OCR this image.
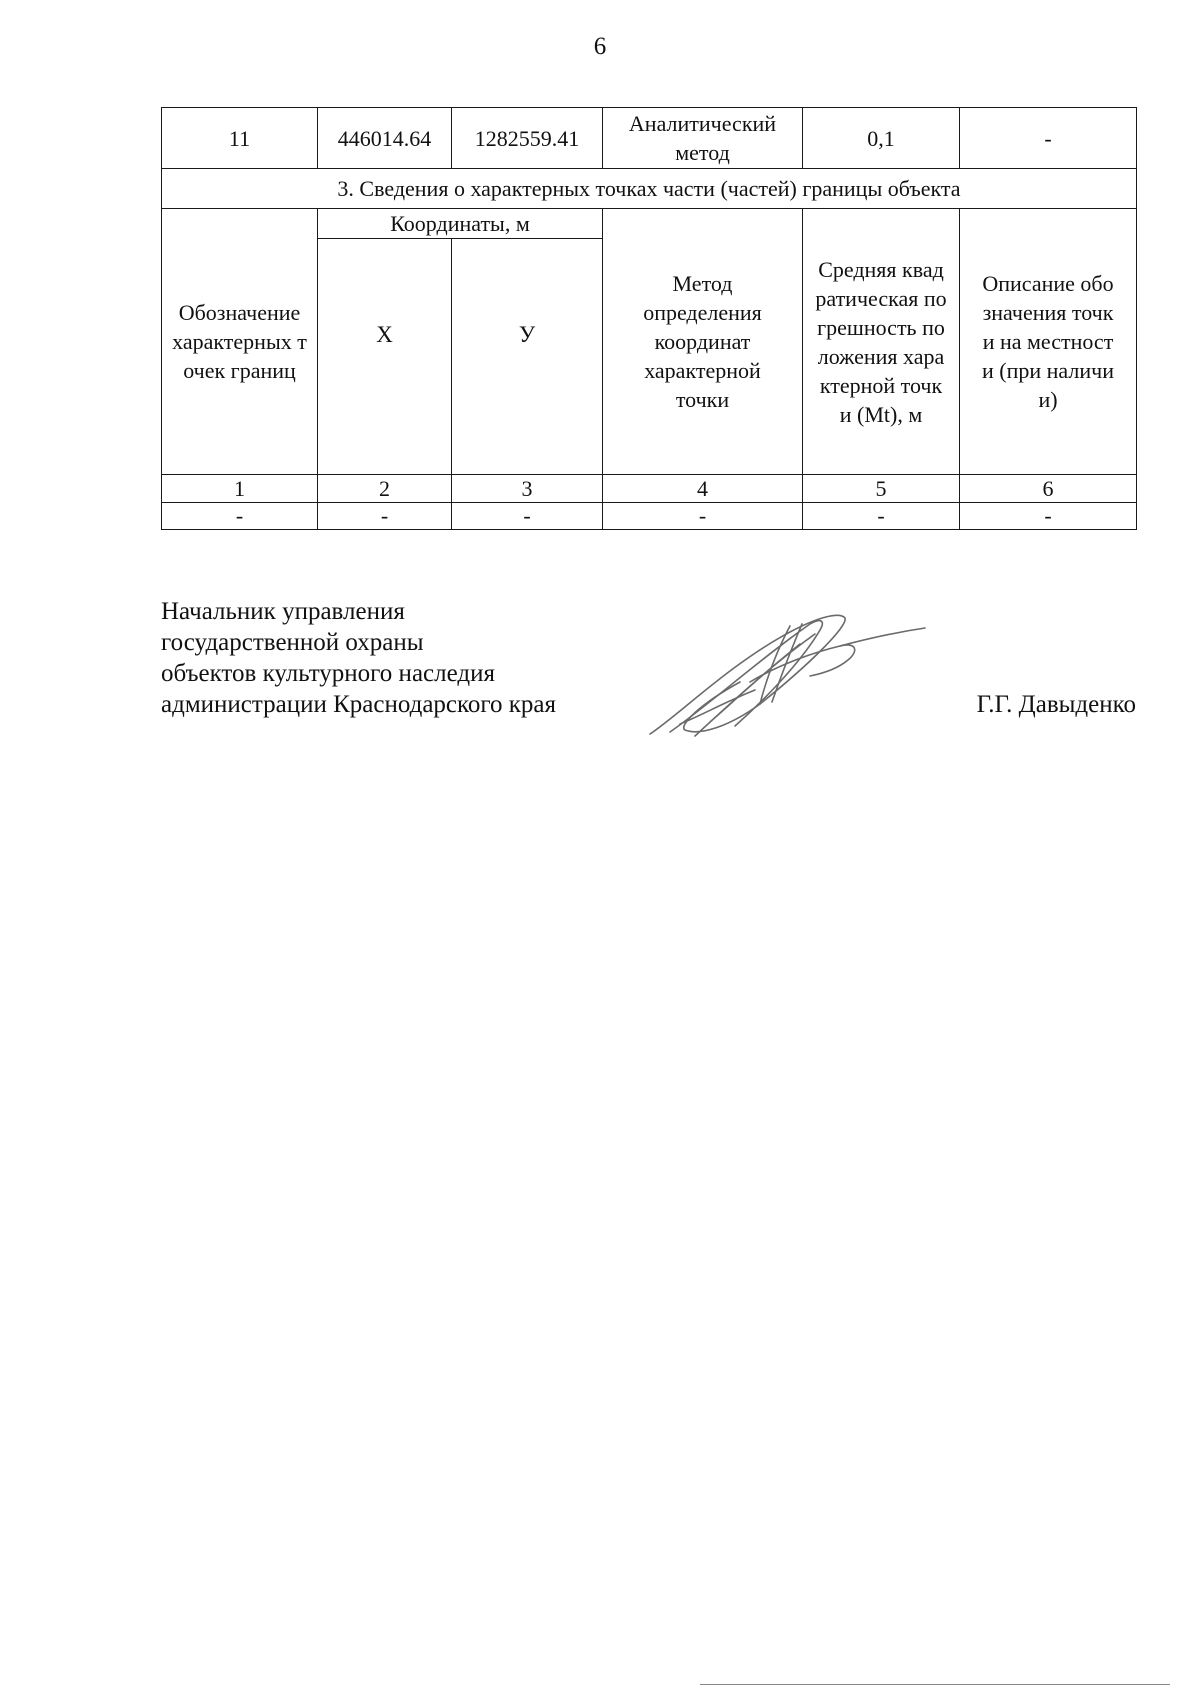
6
11	446014.64	1282559.41	Аналитический метод	0,1	-
3. Сведения о характерных точках части (частей) границы объекта					

Обозначение характерных точек границ	Координаты, м		Метод определения координат характерной точки	Средняя квадратическая погрешность положения характерной точки (Mt), м	Описание обозначения точки на местности (при наличии)

	Х	У			
1	2	3	4	5	6
-	-	-	-	-	-
Начальник управления
государственной охраны
объектов культурного наследия
администрации Краснодарского края	Г.Г. Давыденко
